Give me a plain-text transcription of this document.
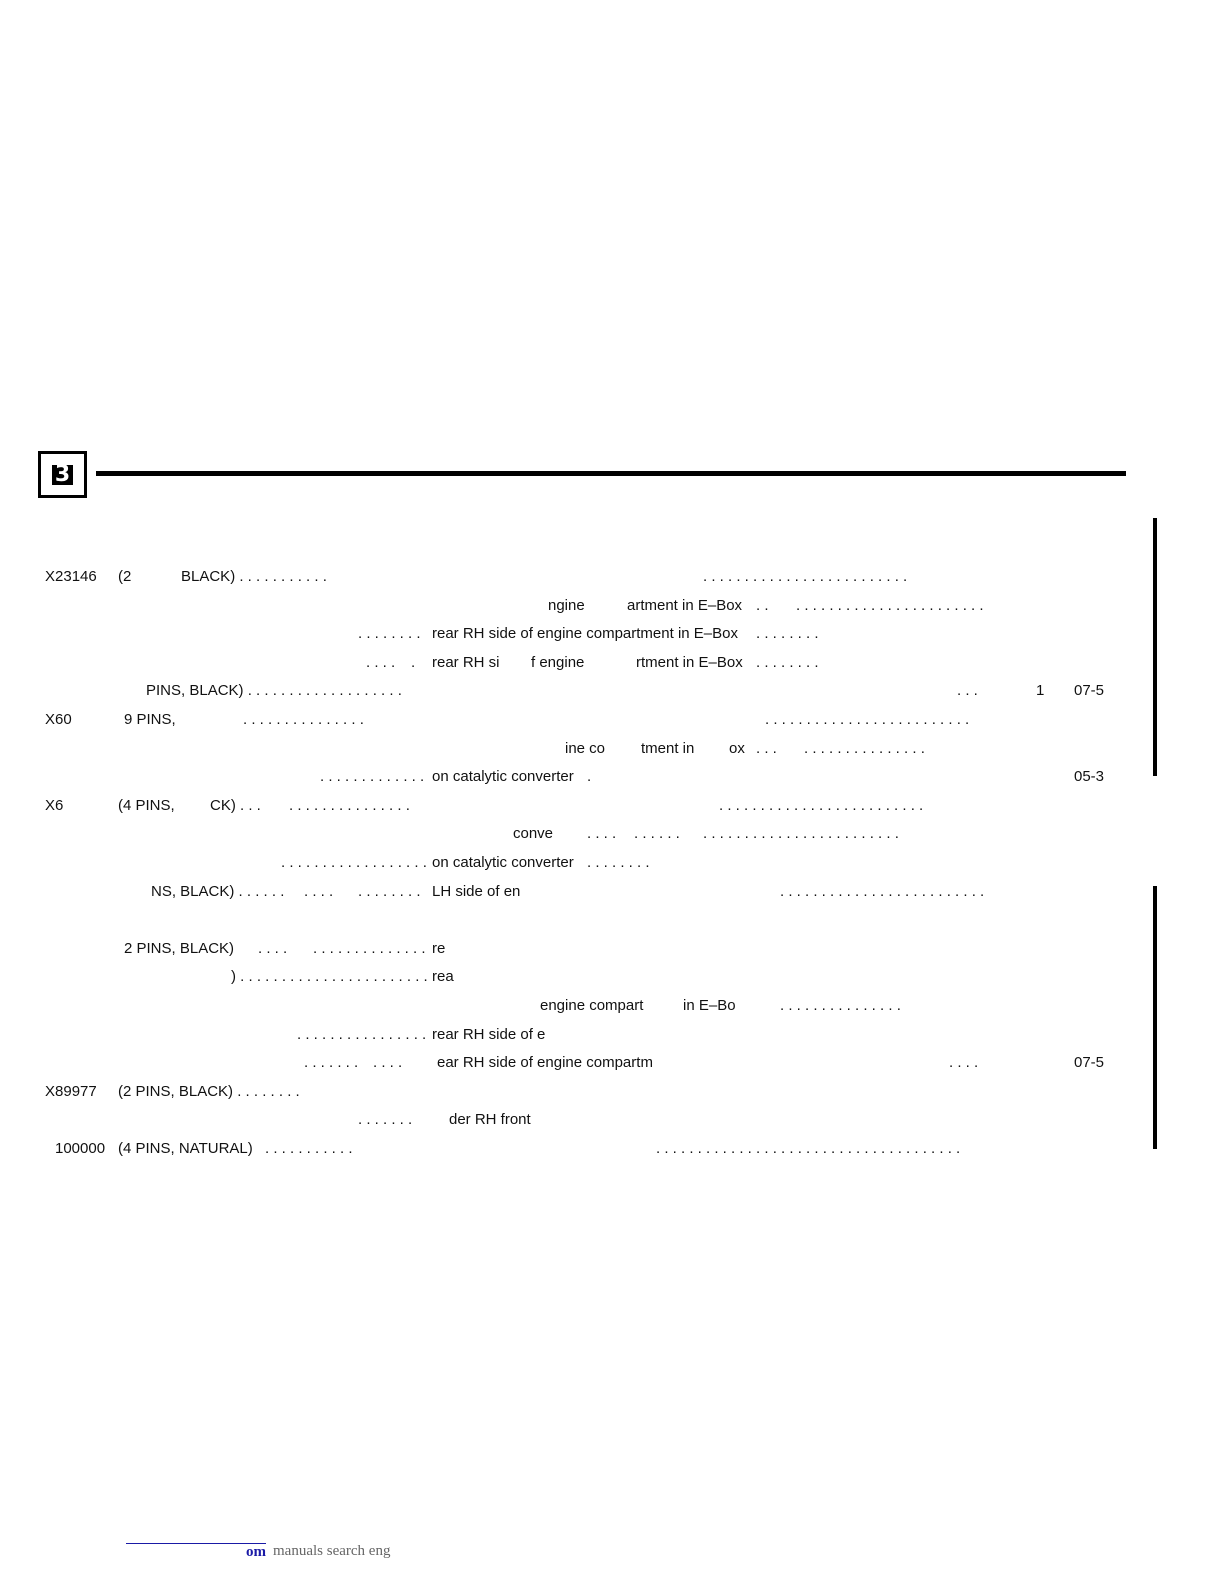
3
X23146 (2	BLACK) . . . . . . . . . . .	. . . . . . . . . . . . . . . . . . . . . . . . .
ngine	artment in E–Box . . . . . . . . . . . . . . . . . . . . . . . . .
. . . . . . . . rear RH side of engine compartment in E–Box . . . . . . . .
. . . . . rear RH si f engine	rtment in E–Box . . . . . . . .
PINS, BLACK) . . . . . . . . . . . . . . . . . . .	. . .	1 07-5
X60	9 PINS,	. . . . . . . . . . . . . . .	. . . . . . . . . . . . . . . . . . . . . . . . .
ine co tment in ox . . . . . . . . . . . . . . . . . .
. . . . . . . . . . . . . on catalytic converter .	05-3
X6	(4 PINS, CK) . . . . . . . . . . . . . . . . . .	. . . . . . . . . . . . . . . . . . . . . . . . .
conve . . . . . . . . . . . . . . . . . . . . . . . . . . . . . . . . . .
. . . . . . . . . . . . . . . . . . on catalytic converter . . . . . . . .
NS, BLACK) . . . . . . . . . . . . . . . . . . LH side of en	. . . . . . . . . . . . . . . . . . . . . . . . .
2 PINS, BLACK) . . . . . . . . . . . . . . . . . . re
) . . . . . . . . . . . . . . . . . . . . . . . rea
engine compart	in E–Bo	. . . . . . . . . . . . . . .
. . . . . . . . . . . . . . . . rear RH side of e
. . . . . . . . . . . ear RH side of engine compartm	. . . .	07-5
X89977 (2 PINS, BLACK) . . . . . . . .
. . . . . . . der RH front
100000 (4 PINS, NATURAL) . . . . . . . . . . .	. . . . . . . . . . . . . . . . . . . . . . . . . . . . . . . . . . . . .
om manuals search eng
